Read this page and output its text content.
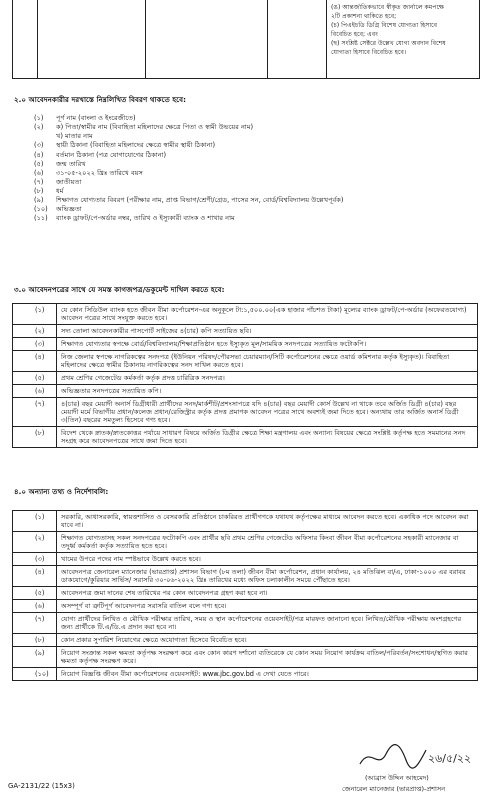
(ঙ) আন্তর্জাতিকভাবে স্বীকৃত জার্নালে কমপক্ষে
২টি প্রকাশনা থাকিতে হবে;
(চ) পিএইচডি ডিগ্রি বিশেষ যোগ্যতা হিসাবে
বিবেচিত হবে; এবং
(ছ) সংশ্লিষ্ট সেক্টরে উল্লেখ যোগ্য অবদান বিশেষ
যোগ্যতা হিসাবে বিবেচিত হবে।
২.০ আবেদনকারীর দরখাস্তে নিম্নলিখিত বিবরণ থাকতে হবে:
(১)	পূর্ণ নাম (বাংলা ও ইংরেজীতে)
(২)	ক) পিতা/স্বামীর নাম (বিবাহিতা মহিলাদের ক্ষেত্রে পিতা ও স্বামী উভয়ের নাম)
খ) মাতার নাম
(৩)	স্থায়ী ঠিকানা (বিবাহিতা মহিলাদের ক্ষেত্রে স্বামীর স্থায়ী ঠিকানা)
(৪)	বর্তমান ঠিকানা (পত্র যোগাযোগের ঠিকানা)
(৫)	জন্ম তারিখ
(৬)	৩১-০৫-২০২২ খ্রিঃ তারিখে বয়স
(৭)	জাতীয়তা
(৮)	ধর্ম
(৯)	শিক্ষাগত যোগ্যতার বিবরণ (পরীক্ষার নাম, প্রাপ্ত বিভাগ/শ্রেণী/গ্রেড, পাসের সন, বোর্ড/বিশ্ববিদ্যালয় উল্লেখপূর্বক)
(১০)	অভিজ্ঞতা
(১১)	ব্যাংক ড্রাফট/পে-অর্ডার নম্বর, তারিখ ও ইস্যুকারী ব্যাংক ও শাখার নাম
৩.০ আবেদনপত্রের সাথে যে সমস্ত কাগজপত্র/ডকুমেন্ট দাখিল করতে হবে:
(১)	যে কোন সিডিউল ব্যাংক হতে জীবন বীমা কর্পোরেশন-এর অনুকূলে টা:১,৫০০.০০(এক হাজার পাঁচশত টাকা) মূল্যের ব্যাংক ড্রাফট/পে-অর্ডার (অফেরতযোগ্য) আবেদন পত্রের সাথে সংযুক্ত করতে হবে।
(২)	সদ্য তোলা আবেদনকারীর পাসপোর্ট সাইজের ৪(চার) কপি সত্যায়িত ছবি।
(৩)	শিক্ষাগত যোগ্যতার স্বপক্ষে বোর্ড/বিশ্ববিদ্যালয়/শিক্ষাপ্রতিষ্ঠান হতে ইস্যুকৃত মূল/সাময়িক সনদপত্রের সত্যায়িত ফটোকপি।
(৪)	নিজ জেলার স্বপক্ষে নাগরিকত্বের সনদপত্র (ইউনিয়ন পরিষদ/পৌরসভা চেয়ারম্যান/সিটি কর্পোরেশনের ক্ষেত্রে ওয়ার্ড কমিশনার কর্তৃক ইস্যুকৃত)। বিবাহিতা মহিলাদের ক্ষেত্রে স্বামীর ঠিকানায় নাগরিকত্বের সনদ দাখিল করতে হবে।
(৫)	প্রথম শ্রেণির গেজেটেড কর্মকর্তা কর্তৃক প্রদত্ত চারিত্রিক সনদপত্র।
(৬)	অভিজ্ঞতার সনদপত্রের সত্যায়িত কপি।
(৭)	৪(চার) বছর মেয়াদী অনার্স ডিগ্রীধারী প্রার্থীদের সনদ/মার্কশীট/প্রশংসাপত্রে যদি ৪(চার) বছর মেয়াদী কোর্স উল্লেখ না থাকে তবে অর্জিত ডিগ্রী ৪(চার) বছর মেয়াদী মর্মে বিভাগীয় প্রধান/কলেজ প্রধান/রেজিস্ট্রার কর্তৃক প্রদত্ত প্রমাণক আবেদন পত্রের সাথে অবশ্যই জমা দিতে হবে। অন্যথায় তার অর্জিত অনার্স ডিগ্রী ৩(তিন) বছরের সমতুল্য হিসেবে গণ্য হবে।
(৮)	বিদেশ থেকে স্নাতক/স্নাতকোত্তর পর্যায়ে সাধারণ বিষয়ে অর্জিত ডিগ্রীর ক্ষেত্রে শিক্ষা মন্ত্রণালয় এবং অন্যান্য বিষয়ের ক্ষেত্রে সংশ্লিষ্ট কর্তৃপক্ষ হতে সমমানের সনদ সংগ্রহ করে আবেদনপত্রের সাথে জমা দিতে হবে।
৪.০ অন্যান্য তথ্য ও নির্দেশাবলি:
(১)	সরকারি, আধাসরকারি, স্বায়ত্তশাসিত ও বেসরকারি প্রতিষ্ঠানে চাকরিরত প্রার্থীগণকে যথাযথ কর্তৃপক্ষের মাধ্যমে আবেদন করতে হবে। একাধিক পদে আবেদন করা যাবে না।
(২)	শিক্ষাগত যোগ্যতাসহ সকল সনদপত্রের ফটোকপি এবং প্রার্থীর ছবি প্রথম শ্রেণির গেজেটেড অফিসার কিংবা জীবন বীমা কর্পোরেশনের সহকারী ম্যানেজার বা তদুর্ধ্ব কর্মকর্তা কর্তৃক সত্যায়িত হতে হবে।
(৩)	খামের উপরে পদের নাম স্পষ্টভাবে উল্লেখ করতে হবে।
(৪)	আবেদনপত্র জেনারেল ম্যানেজার (ভারপ্রাপ্ত) প্রশাসন বিভাগ (৮ম তলা) জীবন বীমা কর্পোরেশন, প্রধান কার্যালয়, ২৪ মতিঝিল বা/এ, ঢাকা-১০০০ এর বরাবর ডাকযোগে/কুরিয়ার সার্ভিস/ সরাসরি ৩০-০৬-২০২২ খ্রিঃ তারিখের মধ্যে অফিস চলাকালীন সময়ে পৌঁছাতে হবে।
(৫)	আবেদনপত্র জমা দানের শেষ তারিখের পর কোন আবেদনপত্র গ্রহণ করা হবে না।
(৬)	অসম্পূর্ণ বা ত্রুটিপূর্ণ আবেদনপত্র সরাসরি বাতিল বলে গণ্য হবে।
(৭)	যোগ্য প্রার্থীদের লিখিত ও মৌখিক পরীক্ষার তারিখ, সময় ও স্থান কর্পোরেশনের ওয়েবসাইট/পত্র মারফত জানানো হবে। লিখিত/মৌখিক পরীক্ষায় অংশগ্রহণের জন্য প্রার্থীকে টি.এ/ডি.এ প্রদান করা হবে না।
(৮)	কোন প্রকার সুপারিশ নিয়োগের ক্ষেত্রে অযোগ্যতা হিসেবে বিবেচিত হবে।
(৯)	নিয়োগ সংক্রান্ত সকল ক্ষমতা কর্তৃপক্ষ সংরক্ষণ করে এবং কোন কারণ দর্শানো ব্যতিরেকে যে কোন সময় নিয়োগ কার্যক্রম বাতিল/পরিবর্তন/সংশোধন/স্থগিত করার ক্ষমতা কর্তৃপক্ষ সংরক্ষণ করে।
(১০)	নিয়োগ বিজ্ঞপ্তি জীবন বীমা কর্পোরেশনের ওয়েবসাইট: www.jbc.gov.bd এ দেখা যেতে পারে।
২৬/৫/২২
(আব্রাস উদ্দিন আহমেদ)
জেনারেল ম্যানেজার (ভারপ্রাপ্ত)-প্রশাসন
GA-2131/22 (15x3)
